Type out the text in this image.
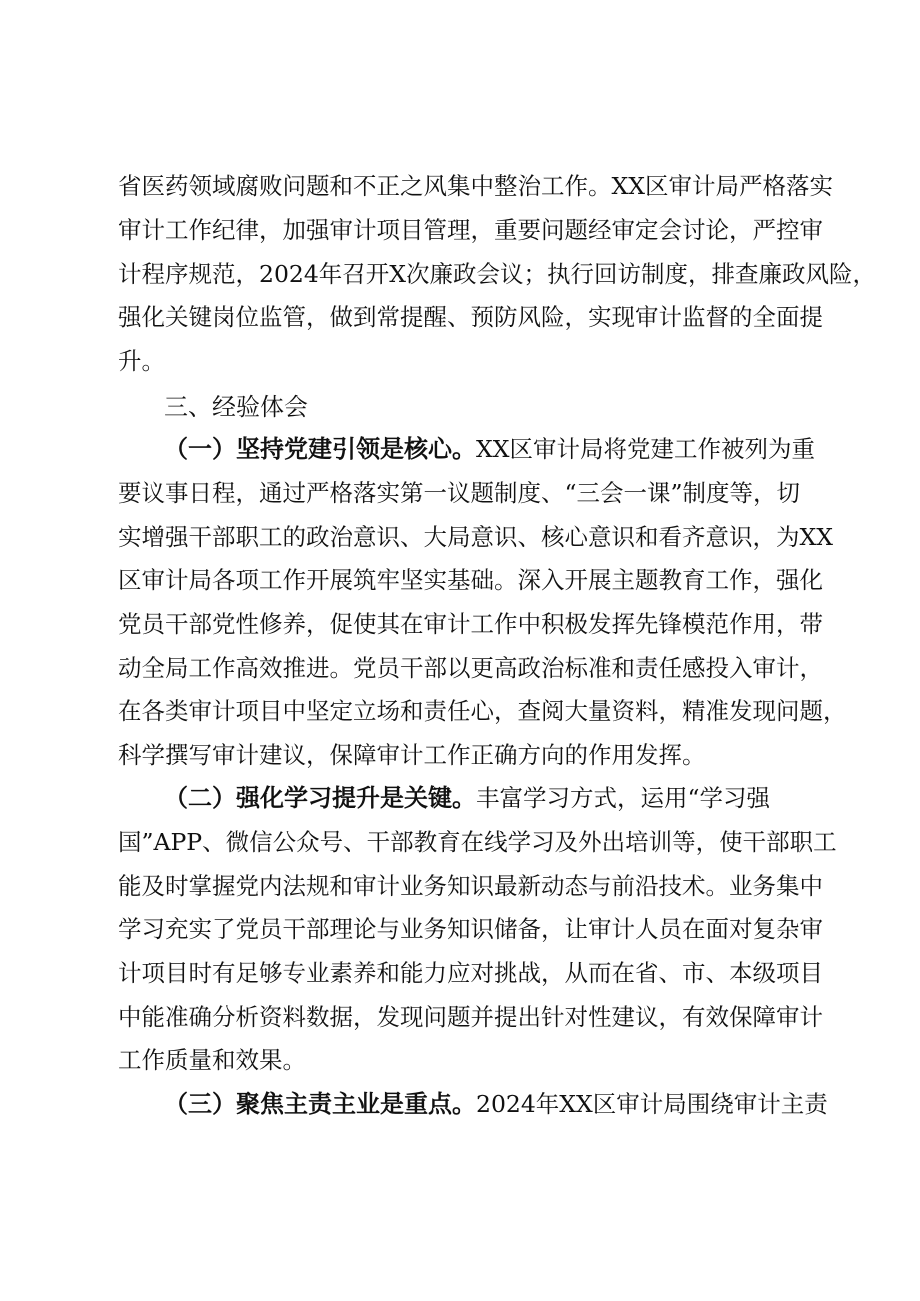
省医药领域腐败问题和不正之风集中整治工作。XX区审计局严格落实
审计工作纪律，加强审计项目管理，重要问题经审定会讨论，严控审
计程序规范，2024年召开X次廉政会议；执行回访制度，排查廉政风险，
强化关键岗位监管，做到常提醒、预防风险，实现审计监督的全面提
升。
三、经验体会
（一）坚持党建引领是核心。XX区审计局将党建工作被列为重
要议事日程，通过严格落实第一议题制度、“三会一课”制度等，切
实增强干部职工的政治意识、大局意识、核心意识和看齐意识，为XX
区审计局各项工作开展筑牢坚实基础。深入开展主题教育工作，强化
党员干部党性修养，促使其在审计工作中积极发挥先锋模范作用，带
动全局工作高效推进。党员干部以更高政治标准和责任感投入审计，
在各类审计项目中坚定立场和责任心，查阅大量资料，精准发现问题，
科学撰写审计建议，保障审计工作正确方向的作用发挥。
（二）强化学习提升是关键。丰富学习方式，运用“学习强
国”APP、微信公众号、干部教育在线学习及外出培训等，使干部职工
能及时掌握党内法规和审计业务知识最新动态与前沿技术。业务集中
学习充实了党员干部理论与业务知识储备，让审计人员在面对复杂审
计项目时有足够专业素养和能力应对挑战，从而在省、市、本级项目
中能准确分析资料数据，发现问题并提出针对性建议，有效保障审计
工作质量和效果。
（三）聚焦主责主业是重点。2024年XX区审计局围绕审计主责
